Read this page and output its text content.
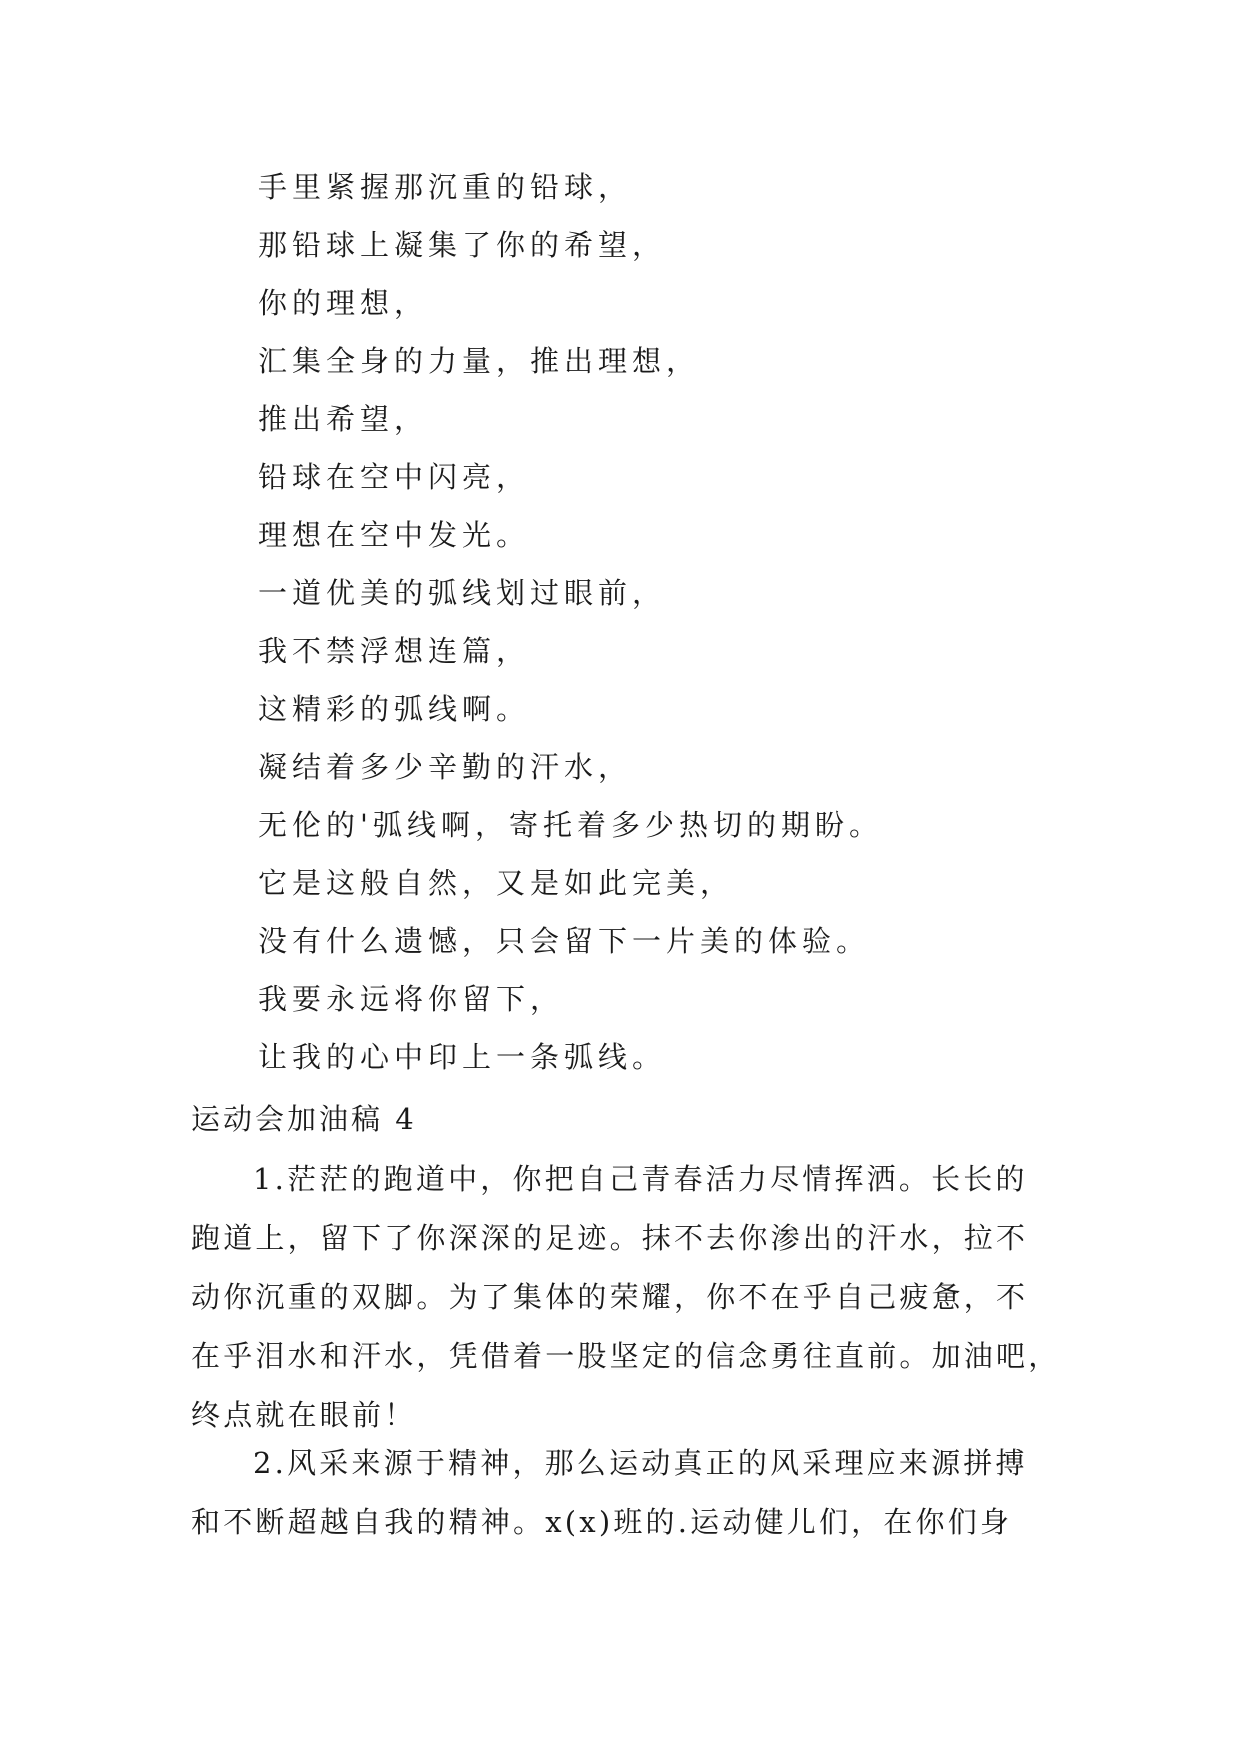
手里紧握那沉重的铅球，
那铅球上凝集了你的希望，
你的理想，
汇集全身的力量，推出理想，
推出希望，
铅球在空中闪亮，
理想在空中发光。
一道优美的弧线划过眼前，
我不禁浮想连篇，
这精彩的弧线啊。
凝结着多少辛勤的汗水，
无伦的'弧线啊，寄托着多少热切的期盼。
它是这般自然，又是如此完美，
没有什么遗憾，只会留下一片美的体验。
我要永远将你留下，
让我的心中印上一条弧线。
运动会加油稿 4

1.茫茫的跑道中，你把自己青春活力尽情挥洒。长长的
跑道上，留下了你深深的足迹。抹不去你渗出的汗水，拉不
动你沉重的双脚。为了集体的荣耀，你不在乎自己疲惫，不
在乎泪水和汗水，凭借着一股坚定的信念勇往直前。加油吧，
终点就在眼前！

2.风采来源于精神，那么运动真正的风采理应来源拼搏
和不断超越自我的精神。x(x)班的.运动健儿们，在你们身
